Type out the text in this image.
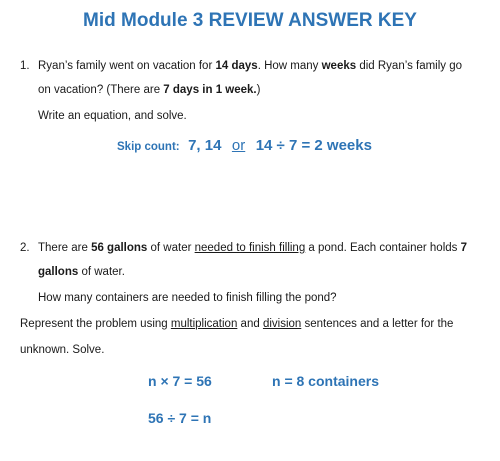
Mid Module 3 REVIEW ANSWER KEY
1. Ryan’s family went on vacation for 14 days. How many weeks did Ryan’s family go
on vacation? (There are 7 days in 1 week.)
Write an equation, and solve.
Skip count: 7, 14 or 14 ÷ 7 = 2 weeks
2. There are 56 gallons of water needed to finish filling a pond. Each container holds 7
gallons of water.
How many containers are needed to finish filling the pond?
Represent the problem using multiplication and division sentences and a letter for the
unknown. Solve.
n × 7 = 56	n = 8 containers
56 ÷ 7 = n
